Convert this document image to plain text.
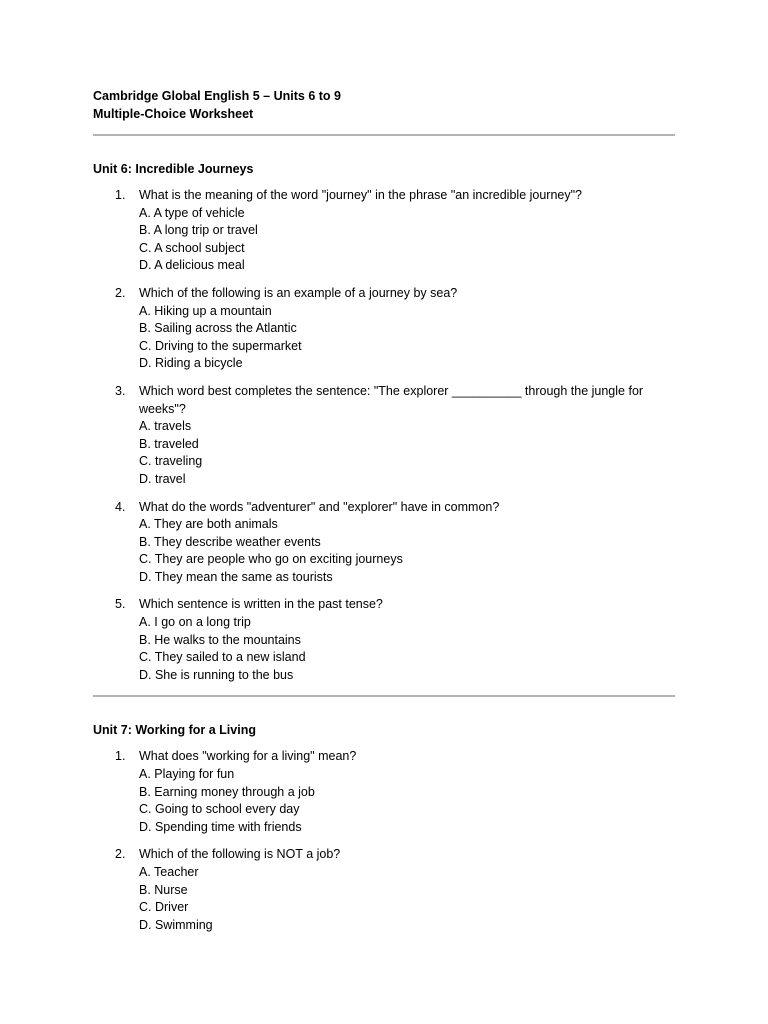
Cambridge Global English 5 – Units 6 to 9
Multiple-Choice Worksheet
Unit 6: Incredible Journeys
1.	What is the meaning of the word "journey" in the phrase "an incredible journey"?
A. A type of vehicle
B. A long trip or travel
C. A school subject
D. A delicious meal
2.	Which of the following is an example of a journey by sea?
A. Hiking up a mountain
B. Sailing across the Atlantic
C. Driving to the supermarket
D. Riding a bicycle
3.	Which word best completes the sentence: "The explorer __________ through the jungle for weeks"?
A. travels
B. traveled
C. traveling
D. travel
4.	What do the words "adventurer" and "explorer" have in common?
A. They are both animals
B. They describe weather events
C. They are people who go on exciting journeys
D. They mean the same as tourists
5.	Which sentence is written in the past tense?
A. I go on a long trip
B. He walks to the mountains
C. They sailed to a new island
D. She is running to the bus
Unit 7: Working for a Living
1.	What does "working for a living" mean?
A. Playing for fun
B. Earning money through a job
C. Going to school every day
D. Spending time with friends
2.	Which of the following is NOT a job?
A. Teacher
B. Nurse
C. Driver
D. Swimming
